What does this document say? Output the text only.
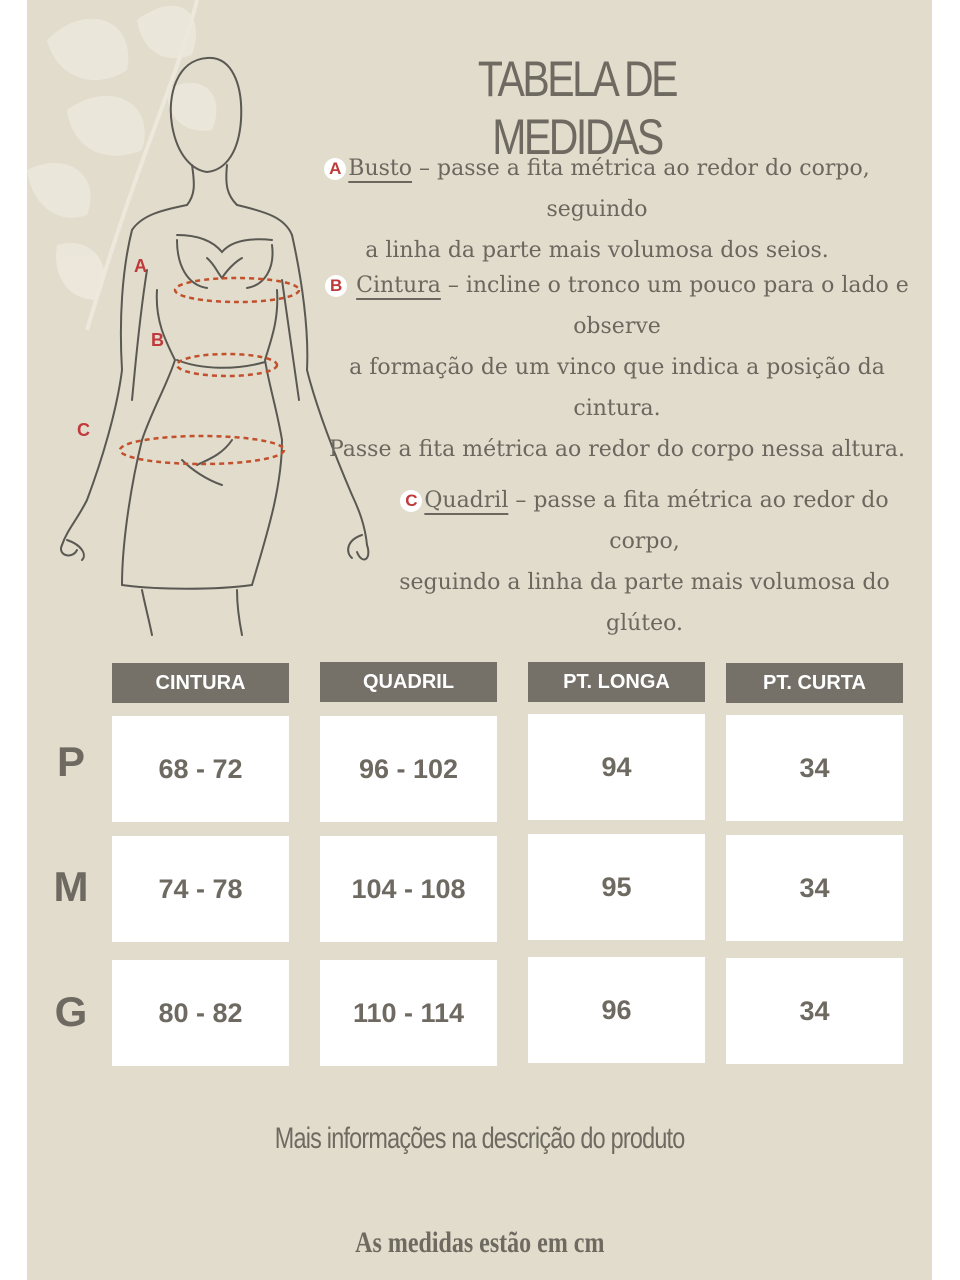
A
B
C
TABELA DE MEDIDAS
A Busto – passe a fita métrica ao redor do corpo, seguindo
a linha da parte mais volumosa dos seios.
B Cintura – incline o tronco um pouco para o lado e
observe
a formação de um vinco que indica a posição da cintura.
Passe a fita métrica ao redor do corpo nessa altura.
C Quadril – passe a fita métrica ao redor do corpo,
seguindo a linha da parte mais volumosa do
glúteo.
CINTURA	QUADRIL	PT. LONGA	PT. CURTA
P	68 - 72	96 - 102	94	34
M	74 - 78	104 - 108	95	34
G	80 - 82	110 - 114	96	34
Mais informações na descrição do produto
As medidas estão em cm
